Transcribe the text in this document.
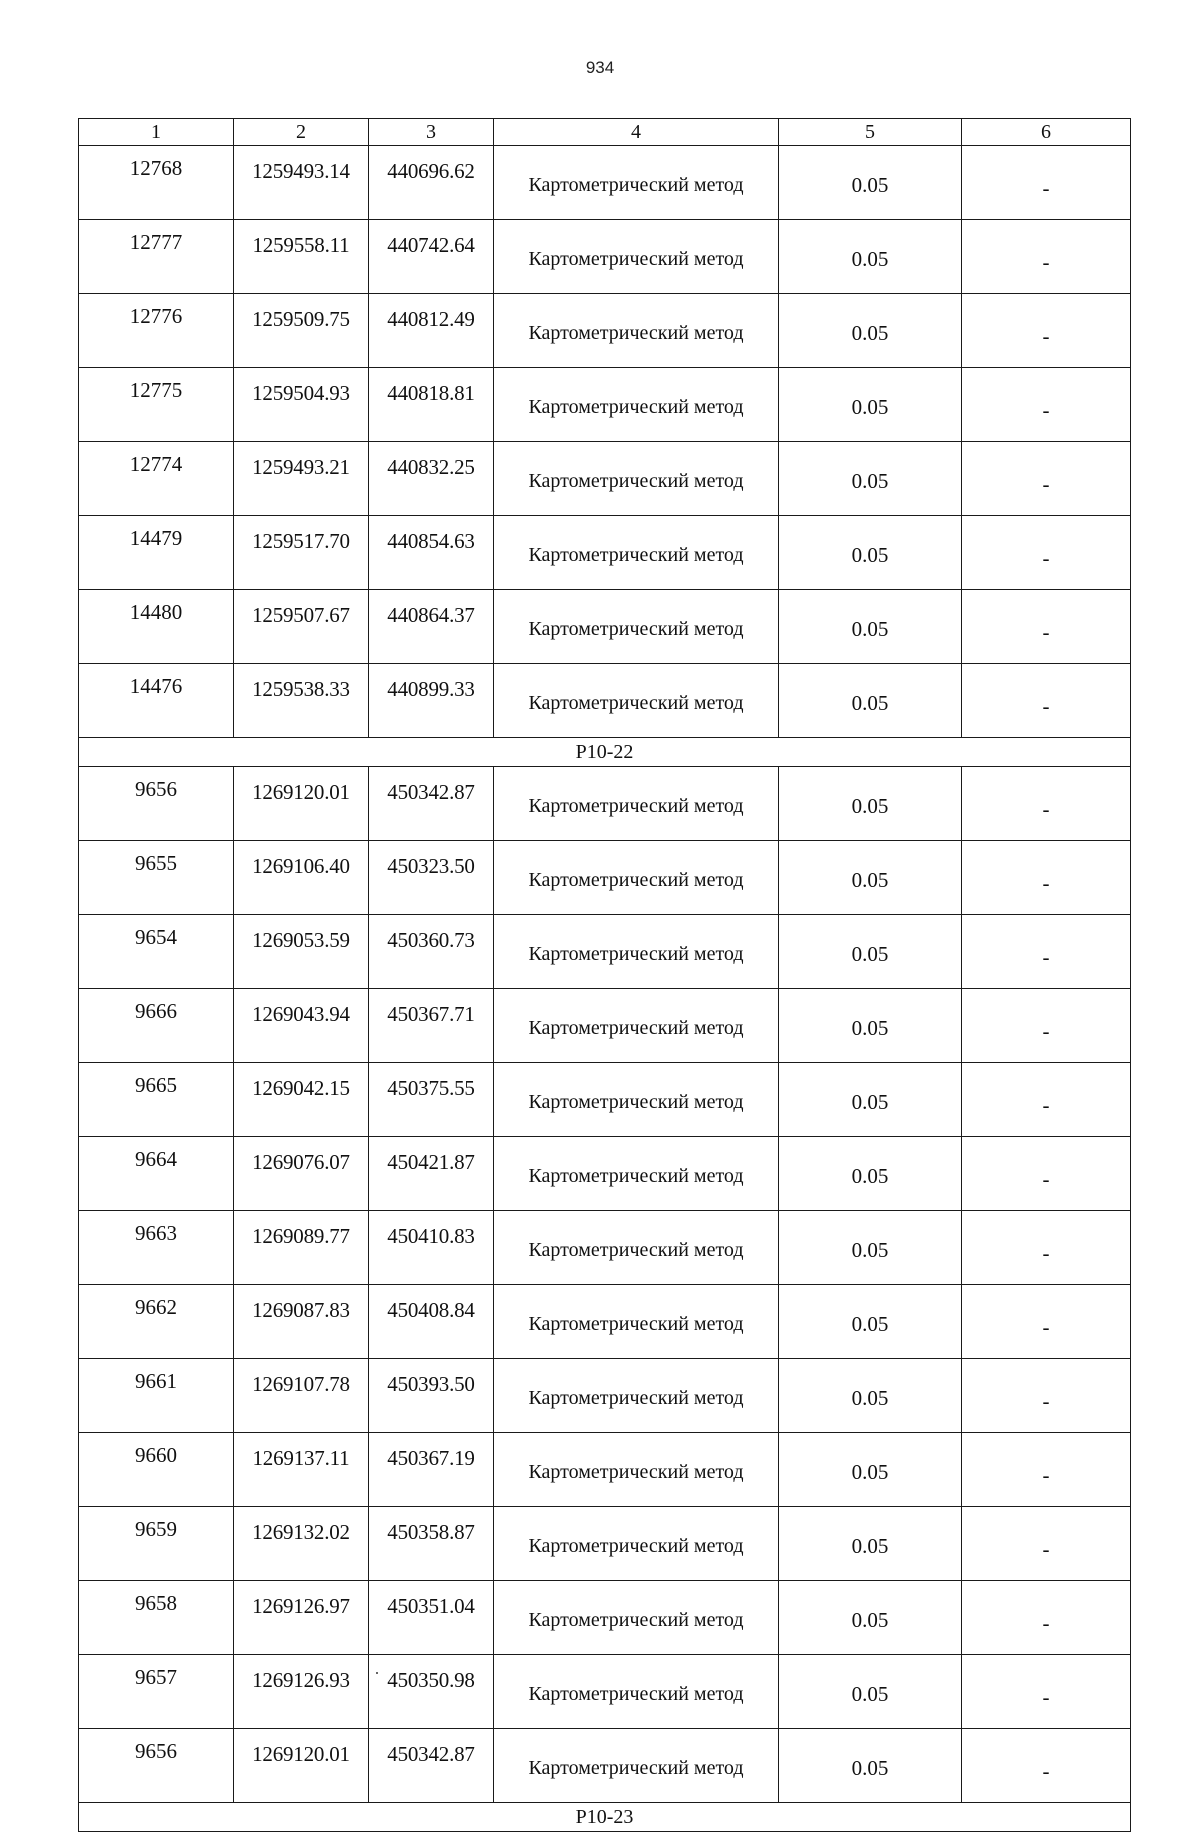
934
1	2	3	4	5	6
12768	1259493.14	440696.62	Картометрический метод	0.05	-
12777	1259558.11	440742.64	Картометрический метод	0.05	-
12776	1259509.75	440812.49	Картометрический метод	0.05	-
12775	1259504.93	440818.81	Картометрический метод	0.05	-
12774	1259493.21	440832.25	Картометрический метод	0.05	-
14479	1259517.70	440854.63	Картометрический метод	0.05	-
14480	1259507.67	440864.37	Картометрический метод	0.05	-
14476	1259538.33	440899.33	Картометрический метод	0.05	-
Р10-22					
9656	1269120.01	450342.87	Картометрический метод	0.05	-
9655	1269106.40	450323.50	Картометрический метод	0.05	-
9654	1269053.59	450360.73	Картометрический метод	0.05	-
9666	1269043.94	450367.71	Картометрический метод	0.05	-
9665	1269042.15	450375.55	Картометрический метод	0.05	-
9664	1269076.07	450421.87	Картометрический метод	0.05	-
9663	1269089.77	450410.83	Картометрический метод	0.05	-
9662	1269087.83	450408.84	Картометрический метод	0.05	-
9661	1269107.78	450393.50	Картометрический метод	0.05	-
9660	1269137.11	450367.19	Картометрический метод	0.05	-
9659	1269132.02	450358.87	Картометрический метод	0.05	-
9658	1269126.97	450351.04	Картометрический метод	0.05	-
9657	1269126.93	450350.98	Картометрический метод	0.05	-
9656	1269120.01	450342.87	Картометрический метод	0.05	-
Р10-23					
